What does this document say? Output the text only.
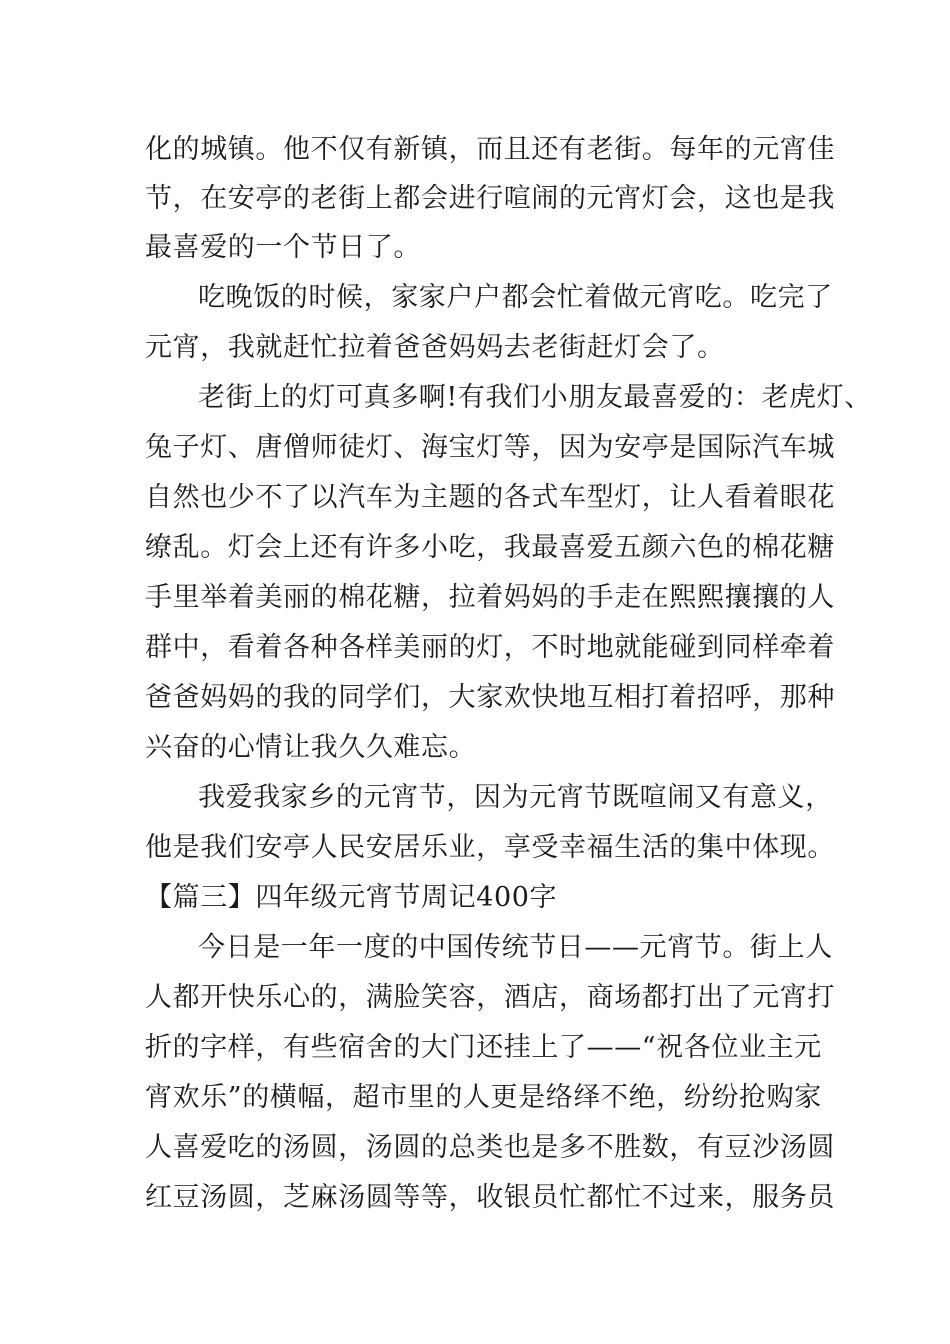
化的城镇。他不仅有新镇，而且还有老街。每年的元宵佳
节，在安亭的老街上都会进行喧闹的元宵灯会，这也是我
最喜爱的一个节日了。
吃晚饭的时候，家家户户都会忙着做元宵吃。吃完了
元宵，我就赶忙拉着爸爸妈妈去老街赶灯会了。
老街上的灯可真多啊!有我们小朋友最喜爱的：老虎灯、
兔子灯、唐僧师徒灯、海宝灯等，因为安亭是国际汽车城
自然也少不了以汽车为主题的各式车型灯，让人看着眼花
缭乱。灯会上还有许多小吃，我最喜爱五颜六色的棉花糖
手里举着美丽的棉花糖，拉着妈妈的手走在熙熙攘攘的人
群中，看着各种各样美丽的灯，不时地就能碰到同样牵着
爸爸妈妈的我的同学们，大家欢快地互相打着招呼，那种
兴奋的心情让我久久难忘。
我爱我家乡的元宵节，因为元宵节既喧闹又有意义，
他是我们安亭人民安居乐业，享受幸福生活的集中体现。
【篇三】四年级元宵节周记400字
今日是一年一度的中国传统节日——元宵节。街上人
人都开快乐心的，满脸笑容，酒店，商场都打出了元宵打
折的字样，有些宿舍的大门还挂上了——“祝各位业主元
宵欢乐”的横幅，超市里的人更是络绎不绝，纷纷抢购家
人喜爱吃的汤圆，汤圆的总类也是多不胜数，有豆沙汤圆
红豆汤圆，芝麻汤圆等等，收银员忙都忙不过来，服务员
